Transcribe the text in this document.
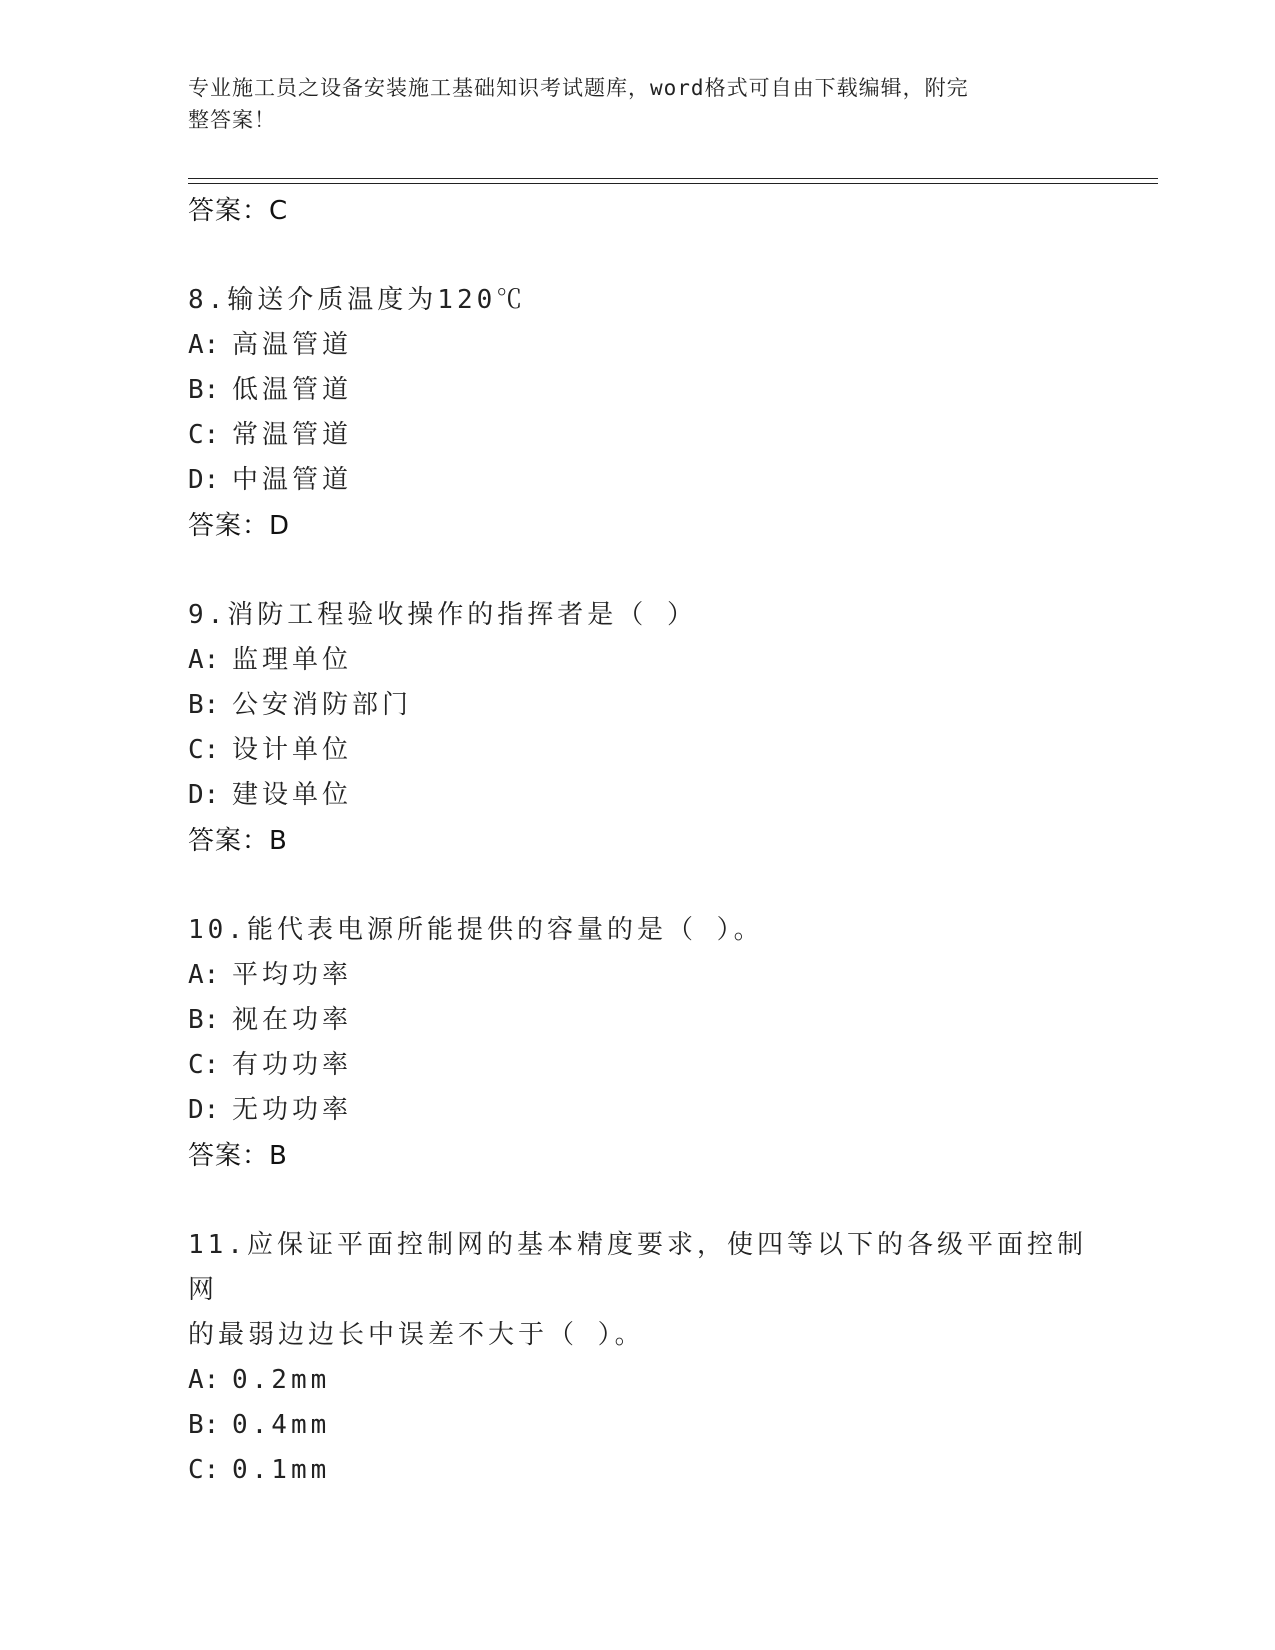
专业施工员之设备安装施工基础知识考试题库，word格式可自由下载编辑，附完
整答案！
答案：C
8.输送介质温度为120℃
A: 高温管道
B: 低温管道
C: 常温管道
D: 中温管道
答案：D
9.消防工程验收操作的指挥者是（ ）
A: 监理单位
B: 公安消防部门
C: 设计单位
D: 建设单位
答案：B
10.能代表电源所能提供的容量的是（ ）。
A: 平均功率
B: 视在功率
C: 有功功率
D: 无功功率
答案：B
11.应保证平面控制网的基本精度要求，使四等以下的各级平面控制网
的最弱边边长中误差不大于（ ）。
A: 0.2mm
B: 0.4mm
C: 0.1mm
